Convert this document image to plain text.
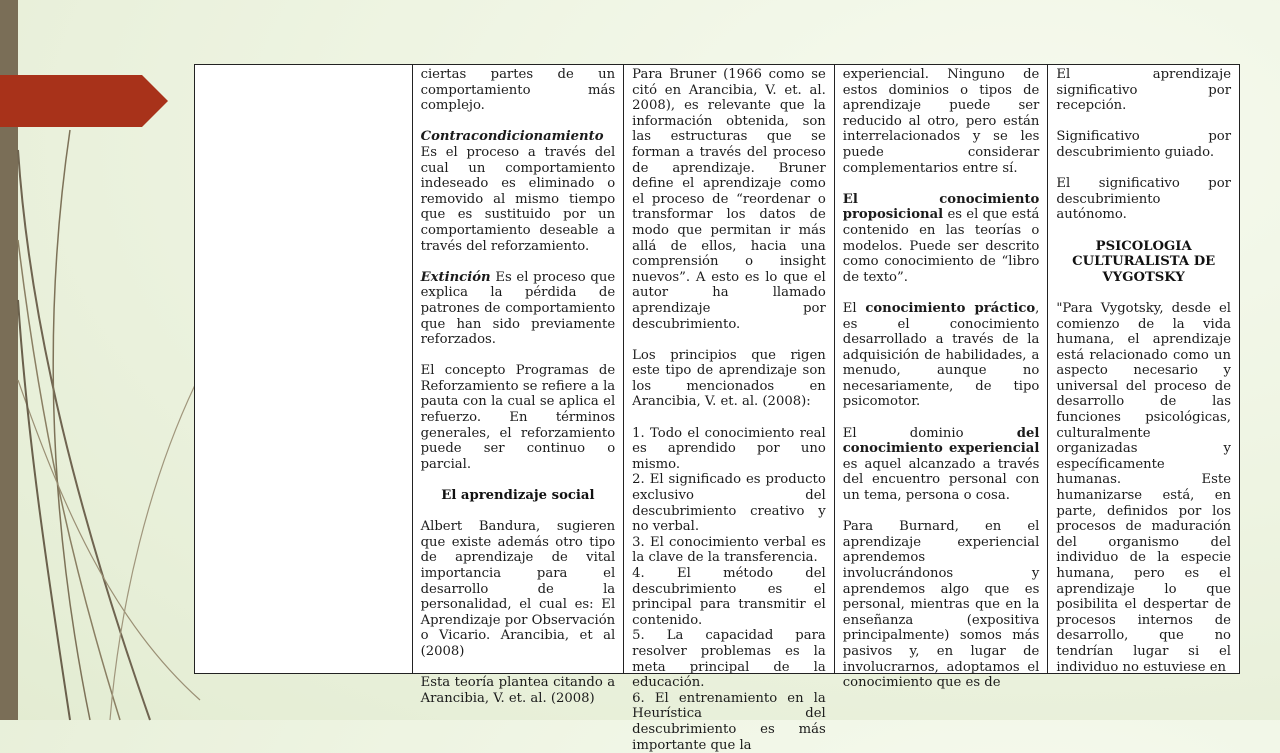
ciertas partes de un comportamiento más complejo.

Contracondicionamiento Es el proceso a través del cual un comportamiento indeseado es eliminado o removido al mismo tiempo que es sustituido por un comportamiento deseable a través del reforzamiento.

Extinción Es el proceso que explica la pérdida de patrones de comportamiento que han sido previamente reforzados.

El concepto Programas de Reforzamiento se refiere a la pauta con la cual se aplica el refuerzo. En términos generales, el reforzamiento puede ser continuo o parcial.

El aprendizaje social

Albert Bandura, sugieren que existe además otro tipo de aprendizaje de vital importancia para el desarrollo de la personalidad, el cual es: El Aprendizaje por Observación o Vicario. Arancibia, et al (2008)

Esta teoría plantea citando a Arancibia, V. et. al. (2008)

Para Bruner (1966 como se citó en Arancibia, V. et. al. 2008), es relevante que la información obtenida, son las estructuras que se forman a través del proceso de aprendizaje. Bruner define el aprendizaje como el proceso de “reordenar o transformar los datos de modo que permitan ir más allá de ellos, hacia una comprensión o insight nuevos”. A esto es lo que el autor ha llamado aprendizaje por descubrimiento.

Los principios que rigen este tipo de aprendizaje son los mencionados en Arancibia, V. et. al. (2008):

1. Todo el conocimiento real es aprendido por uno mismo.

2. El significado es producto exclusivo del descubrimiento creativo y no verbal.

3. El conocimiento verbal es la clave de la transferencia.

4. El método del descubrimiento es el principal para transmitir el contenido.

5. La capacidad para resolver problemas es la meta principal de la educación.

6. El entrenamiento en la Heurística del descubrimiento es más importante que la

experiencial. Ninguno de estos dominios o tipos de aprendizaje puede ser reducido al otro, pero están interrelacionados y se les puede considerar complementarios entre sí.

El conocimiento proposicional es el que está contenido en las teorías o modelos. Puede ser descrito como conocimiento de “libro de texto”.

El conocimiento práctico, es el conocimiento desarrollado a través de la adquisición de habilidades, a menudo, aunque no necesariamente, de tipo psicomotor.

El dominio del conocimiento experiencial es aquel alcanzado a través del encuentro personal con un tema, persona o cosa.

Para Burnard, en el aprendizaje experiencial aprendemos involucrándonos y aprendemos algo que es personal, mientras que en la enseñanza (expositiva principalmente) somos más pasivos y, en lugar de involucrarnos, adoptamos el conocimiento que es de

El aprendizaje significativo por recepción.

Significativo por descubrimiento guiado.

El significativo por descubrimiento autónomo.

PSICOLOGIA CULTURALISTA DE VYGOTSKY

"Para Vygotsky, desde el comienzo de la vida humana, el aprendizaje está relacionado como un aspecto necesario y universal del proceso de desarrollo de las funciones psicológicas, culturalmente organizadas y específicamente humanas. Este humanizarse está, en parte, definidos por los procesos de maduración del organismo del individuo de la especie humana, pero es el aprendizaje lo que posibilita el despertar de procesos internos de desarrollo, que no tendrían lugar si el individuo no estuviese en
